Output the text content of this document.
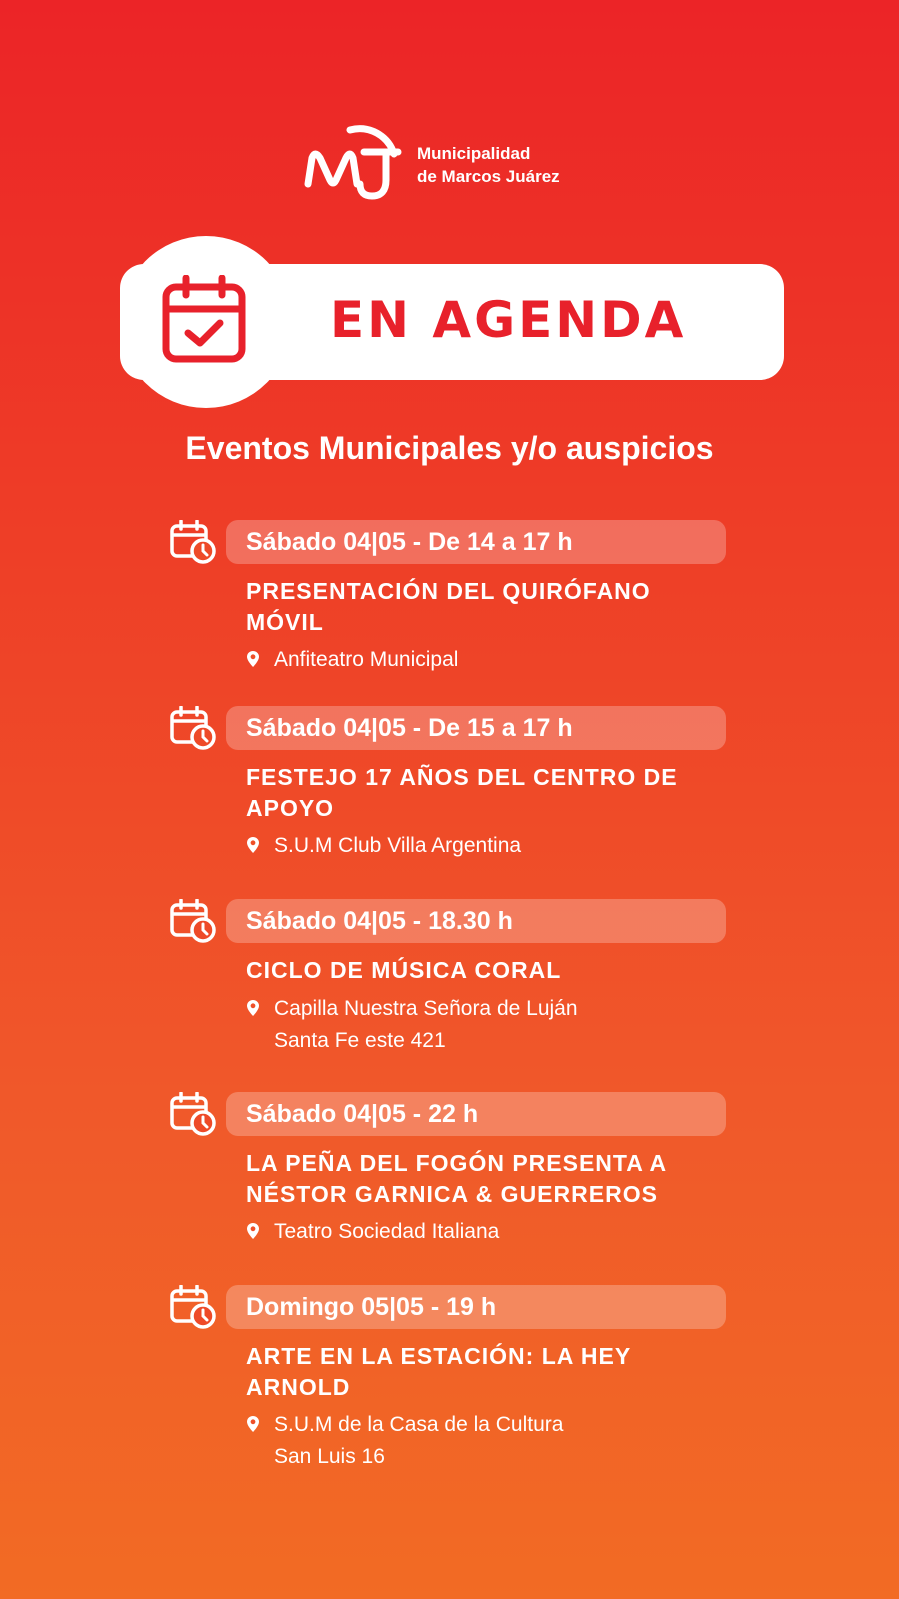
Municipalidad
de Marcos Juárez
EN AGENDA
Eventos Municipales y/o auspicios
Sábado 04|05 - De 14 a 17 h
PRESENTACIÓN DEL QUIRÓFANO MÓVIL
Anfiteatro Municipal
Sábado 04|05 - De 15 a 17 h
FESTEJO 17 AÑOS DEL CENTRO DE APOYO
S.U.M Club Villa Argentina
Sábado 04|05 - 18.30 h
CICLO DE MÚSICA CORAL
Capilla Nuestra Señora de Luján
Santa Fe este 421
Sábado 04|05 - 22 h
LA PEÑA DEL FOGÓN PRESENTA A NÉSTOR GARNICA & GUERREROS
Teatro Sociedad Italiana
Domingo 05|05 - 19 h
ARTE EN LA ESTACIÓN: LA HEY ARNOLD
S.U.M de la Casa de la Cultura
San Luis 16
